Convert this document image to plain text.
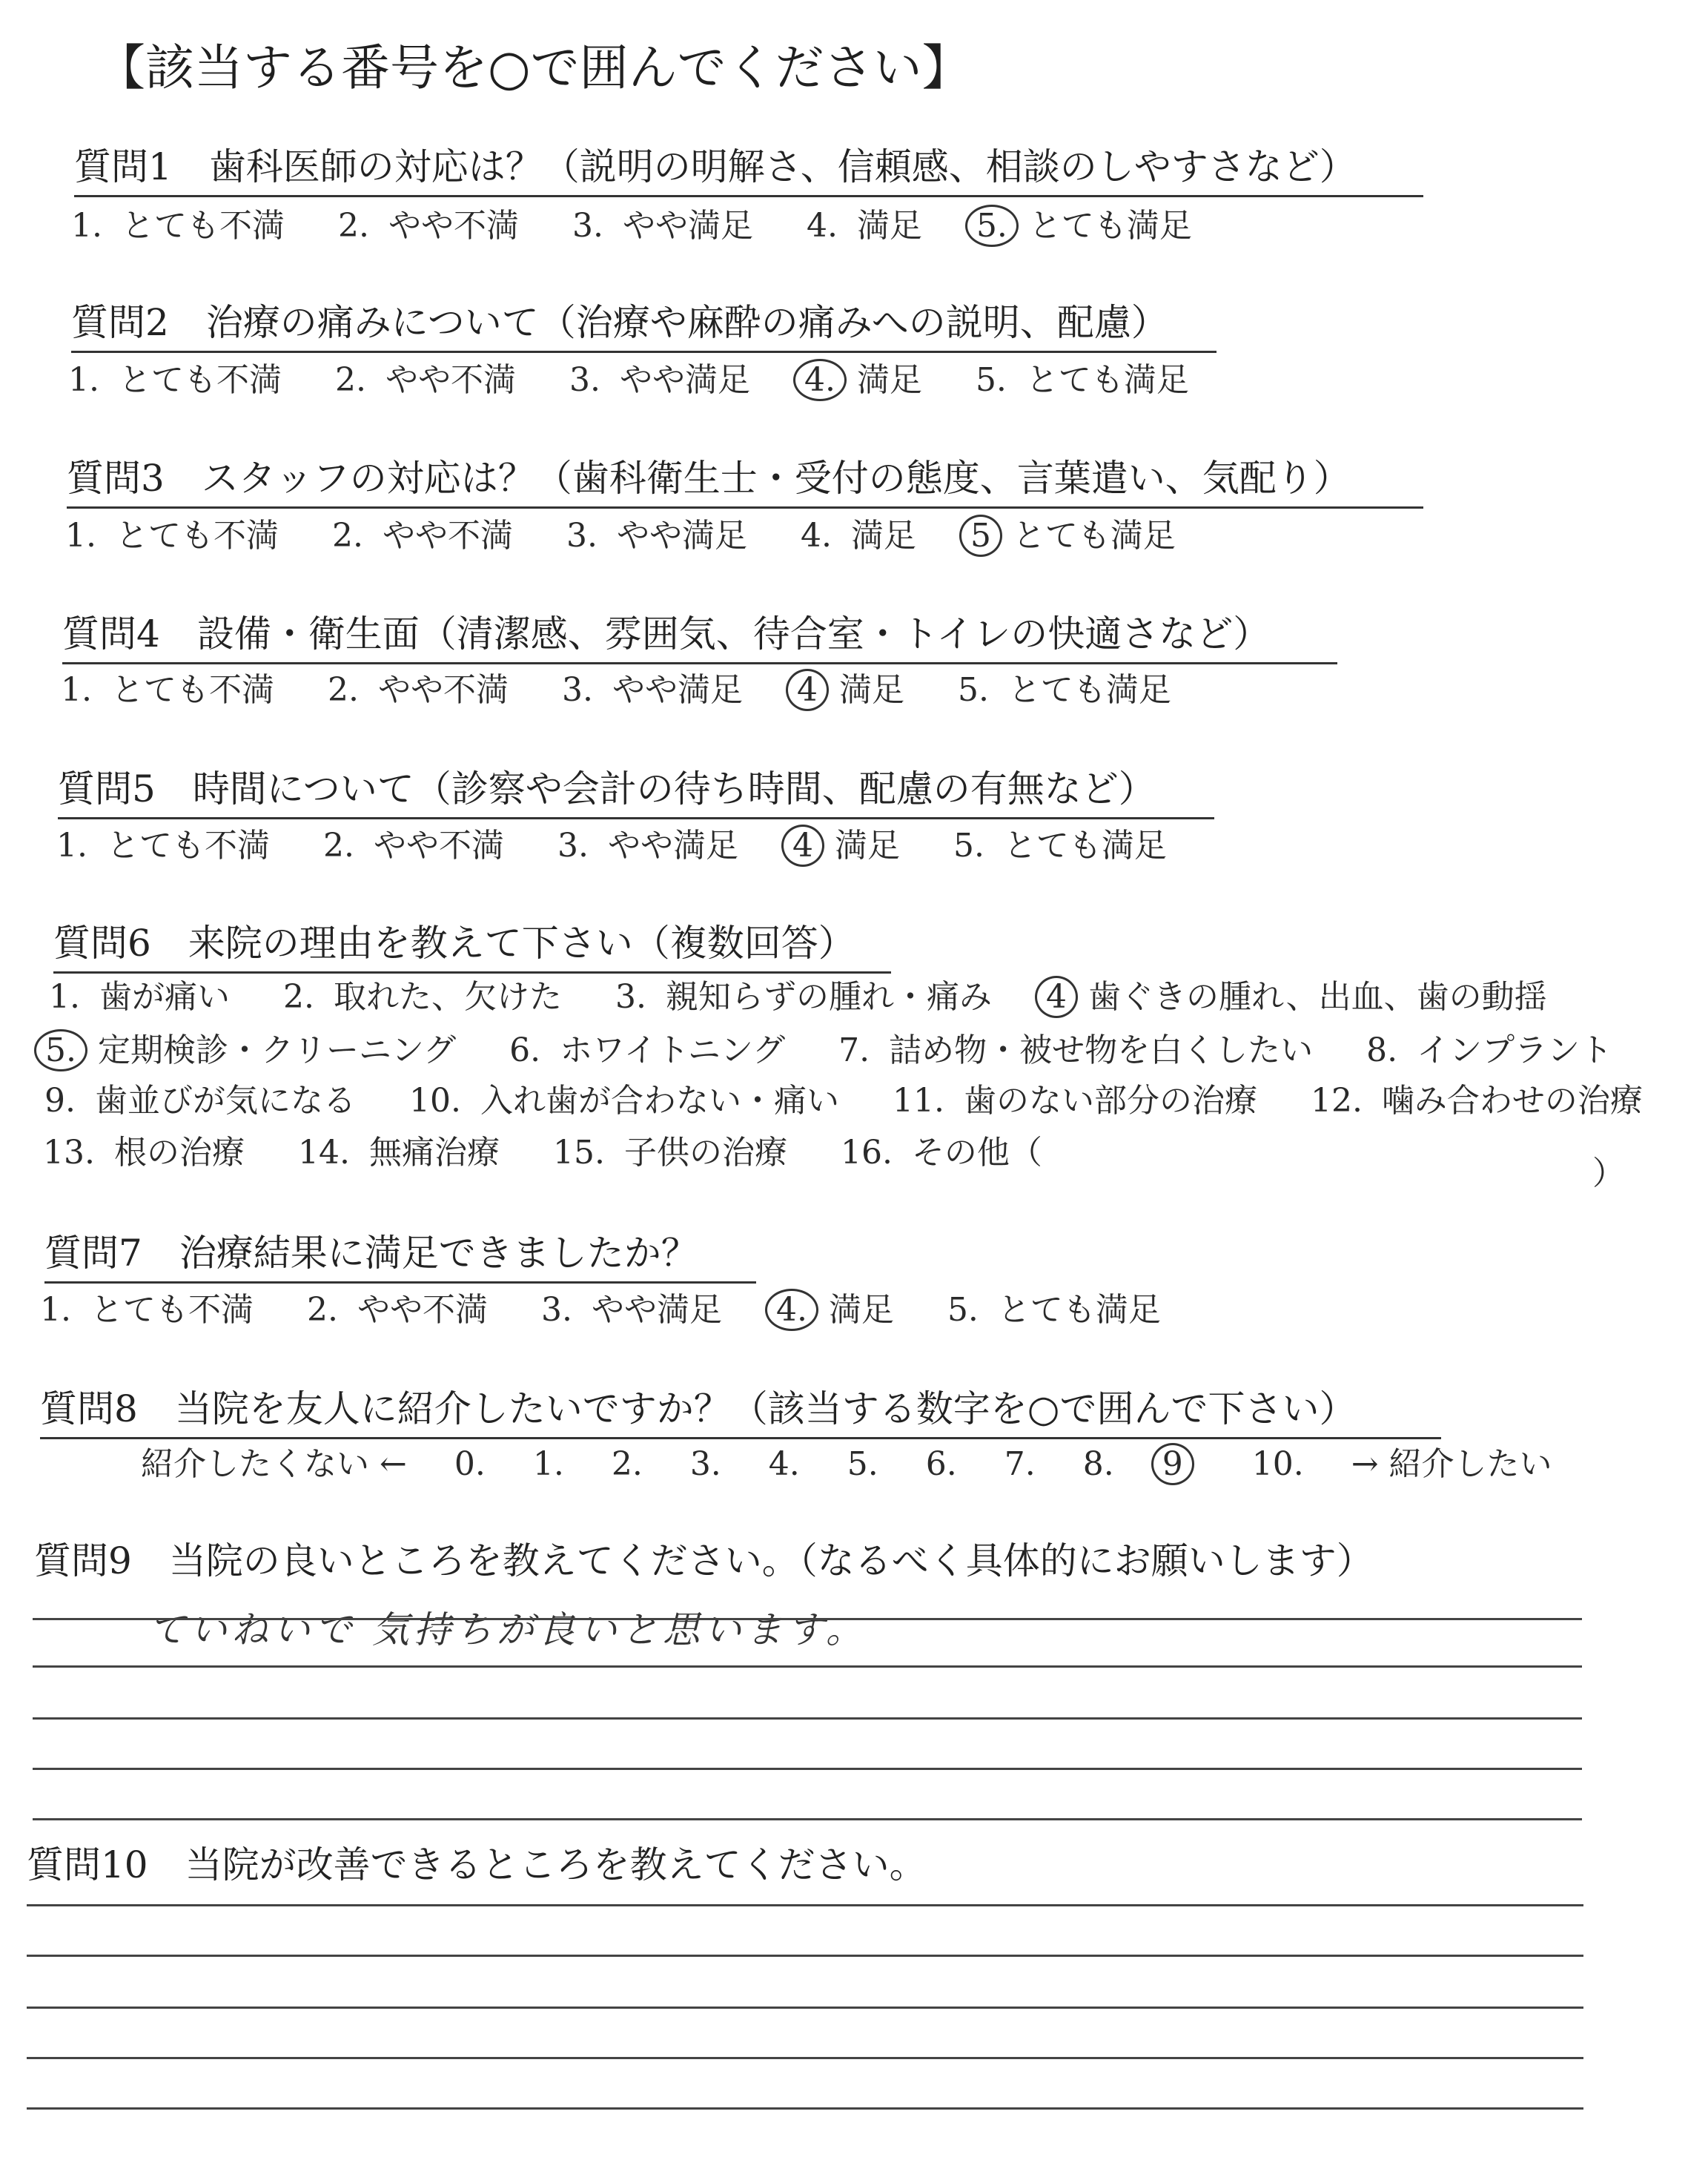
【該当する番号を○で囲んでください】
質問1 歯科医師の対応は？（説明の明解さ、信頼感、相談のしやすさなど）
1. とても不満 2. やや不満 3. やや満足 4. 満足 5. とても満足
質問2 治療の痛みについて（治療や麻酔の痛みへの説明、配慮）
1. とても不満 2. やや不満 3. やや満足 4. 満足 5. とても満足
質問3 スタッフの対応は？（歯科衛生士・受付の態度、言葉遣い、気配り）
1. とても不満 2. やや不満 3. やや満足 4. 満足 5 とても満足
質問4 設備・衛生面（清潔感、雰囲気、待合室・トイレの快適さなど）
1. とても不満 2. やや不満 3. やや満足 4 満足 5. とても満足
質問5 時間について（診察や会計の待ち時間、配慮の有無など）
1. とても不満 2. やや不満 3. やや満足 4 満足 5. とても満足
質問6 来院の理由を教えて下さい（複数回答）
1. 歯が痛い 2. 取れた、欠けた 3. 親知らずの腫れ・痛み 4 歯ぐきの腫れ、出血、歯の動揺
5. 定期検診・クリーニング 6. ホワイトニング 7. 詰め物・被せ物を白くしたい 8. インプラント
9. 歯並びが気になる 10. 入れ歯が合わない・痛い 11. 歯のない部分の治療 12. 噛み合わせの治療
13. 根の治療 14. 無痛治療 15. 子供の治療 16. その他（
）
質問7 治療結果に満足できましたか？
1. とても不満 2. やや不満 3. やや満足 4. 満足 5. とても満足
質問8 当院を友人に紹介したいですか？（該当する数字を○で囲んで下さい）
紹介したくない ← 0. 1. 2. 3. 4. 5. 6. 7. 8. 9 10. → 紹介したい
質問9 当院の良いところを教えてください。（なるべく具体的にお願いします）
ていねいで 気持ちが良いと思います。
質問10 当院が改善できるところを教えてください。
